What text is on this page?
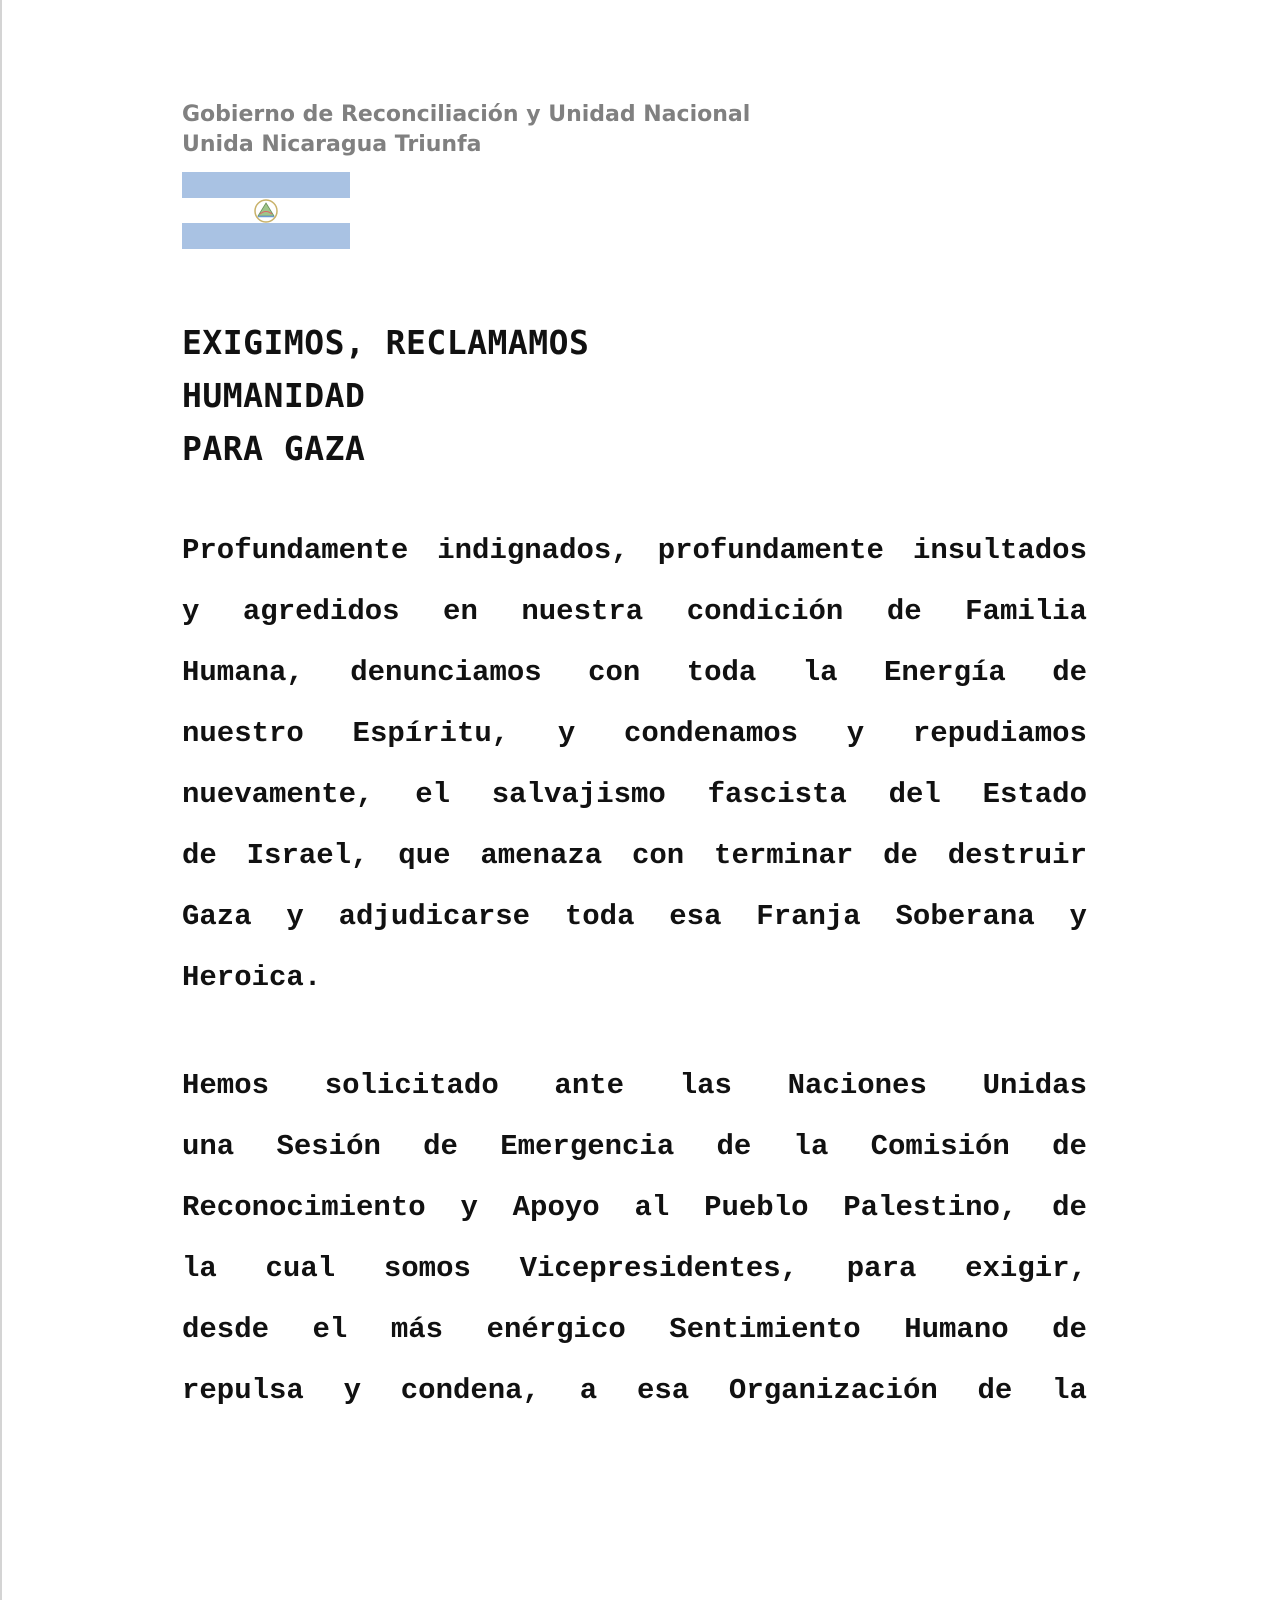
Gobierno de Reconciliación y Unidad Nacional
Unida Nicaragua Triunfa
EXIGIMOS, RECLAMAMOS
HUMANIDAD
PARA GAZA
Profundamente indignados, profundamente insultados
y agredidos en nuestra condición de Familia
Humana, denunciamos con toda la Energía de
nuestro Espíritu, y condenamos y repudiamos
nuevamente, el salvajismo fascista del Estado
de Israel, que amenaza con terminar de destruir
Gaza y adjudicarse toda esa Franja Soberana y
Heroica.
Hemos solicitado ante las Naciones Unidas
una Sesión de Emergencia de la Comisión de
Reconocimiento y Apoyo al Pueblo Palestino, de
la cual somos Vicepresidentes, para exigir,
desde el más enérgico Sentimiento Humano de
repulsa y condena, a esa Organización de la
